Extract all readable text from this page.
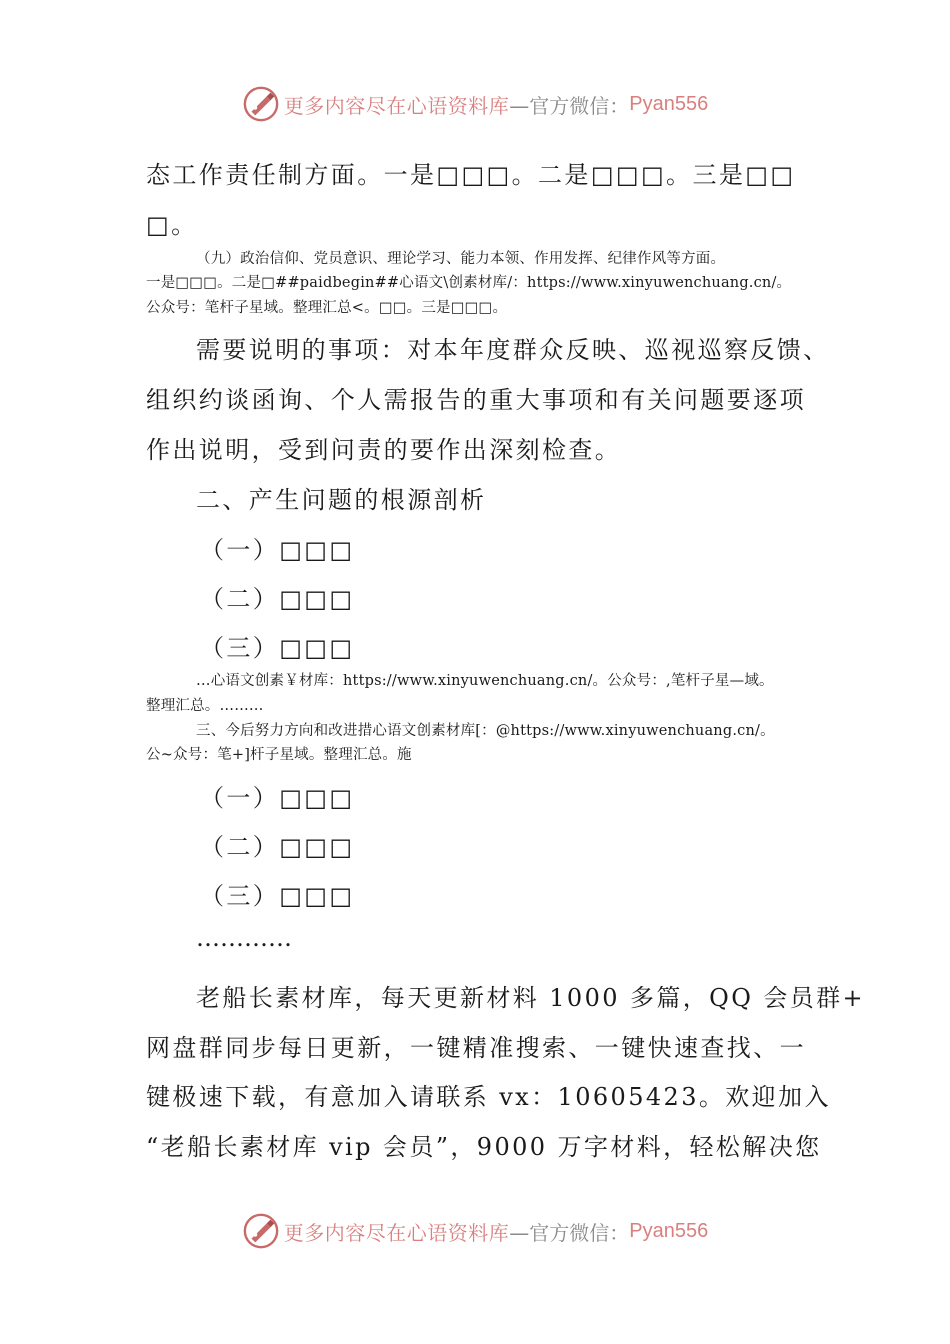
更多内容尽在心语资料库 —官方微信： Pyan556
态工作责任制方面。一是□□□。二是□□□。三是□□
□。
（九）政治信仰、党员意识、理论学习、能力本领、作用发挥、纪律作风等方面。
一是□□□。二是□##paidbegin##心语文\创素材库/：https://www.xinyuwenchuang.cn/。
公众号：笔杆子星域。整理汇总<。□□。三是□□□。
需要说明的事项：对本年度群众反映、巡视巡察反馈、
组织约谈函询、个人需报告的重大事项和有关问题要逐项
作出说明，受到问责的要作出深刻检查。
二、产生问题的根源剖析
（一）□□□
（二）□□□
（三）□□□
…心语文创素￥材库：https://www.xinyuwenchuang.cn/。公众号：,笔杆子星—域。
整理汇总。………
三、今后努力方向和改进措心语文创素材库[：@https://www.xinyuwenchuang.cn/。
公~众号：笔+]杆子星域。整理汇总。施
（一）□□□
（二）□□□
（三）□□□
…………
老船长素材库，每天更新材料 1000 多篇，QQ 会员群+
网盘群同步每日更新，一键精准搜索、一键快速查找、一
键极速下载，有意加入请联系 vx：10605423。欢迎加入
“老船长素材库 vip 会员”，9000 万字材料，轻松解决您
更多内容尽在心语资料库 —官方微信： Pyan556
